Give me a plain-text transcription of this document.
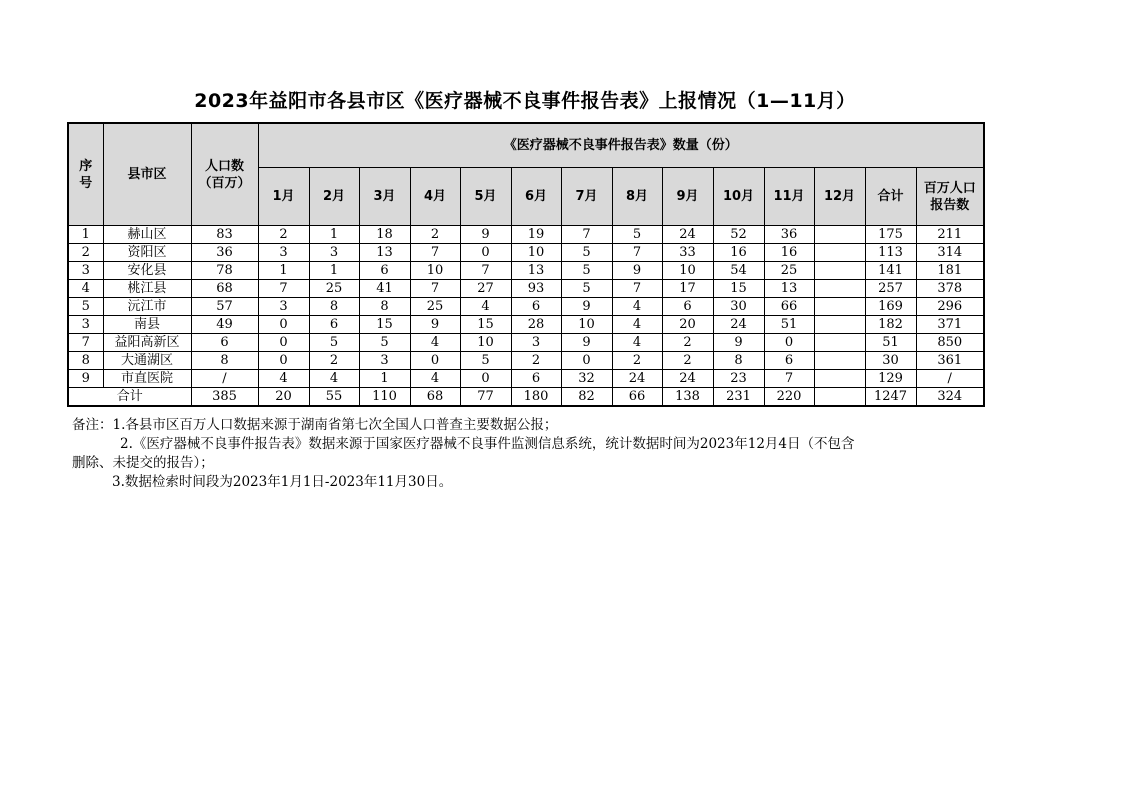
2023年益阳市各县市区《医疗器械不良事件报告表》上报情况（1—11月）
序号	县市区	人口数（百万）	《医疗器械不良事件报告表》数量（份）													
			1月	2月	3月	4月	5月	6月	7月	8月	9月	10月	11月	12月	合计	百万人口报告数
1	赫山区	83	2	1	18	2	9	19	7	5	24	52	36		175	211
2	资阳区	36	3	3	13	7	0	10	5	7	33	16	16		113	314
3	安化县	78	1	1	6	10	7	13	5	9	10	54	25		141	181
4	桃江县	68	7	25	41	7	27	93	5	7	17	15	13		257	378
5	沅江市	57	3	8	8	25	4	6	9	4	6	30	66		169	296
3	南县	49	0	6	15	9	15	28	10	4	20	24	51		182	371
7	益阳高新区	6	0	5	5	4	10	3	9	4	2	9	0		51	850
8	大通湖区	8	0	2	3	0	5	2	0	2	2	8	6		30	361
9	市直医院	/	4	4	1	4	0	6	32	24	24	23	7		129	/
合计		385	20	55	110	68	77	180	82	66	138	231	220		1247	324
备注：1.各县市区百万人口数据来源于湖南省第七次全国人口普查主要数据公报；
2.《医疗器械不良事件报告表》数据来源于国家医疗器械不良事件监测信息系统，统计数据时间为2023年12月4日（不包含
删除、未提交的报告）；
3.数据检索时间段为2023年1月1日-2023年11月30日。
